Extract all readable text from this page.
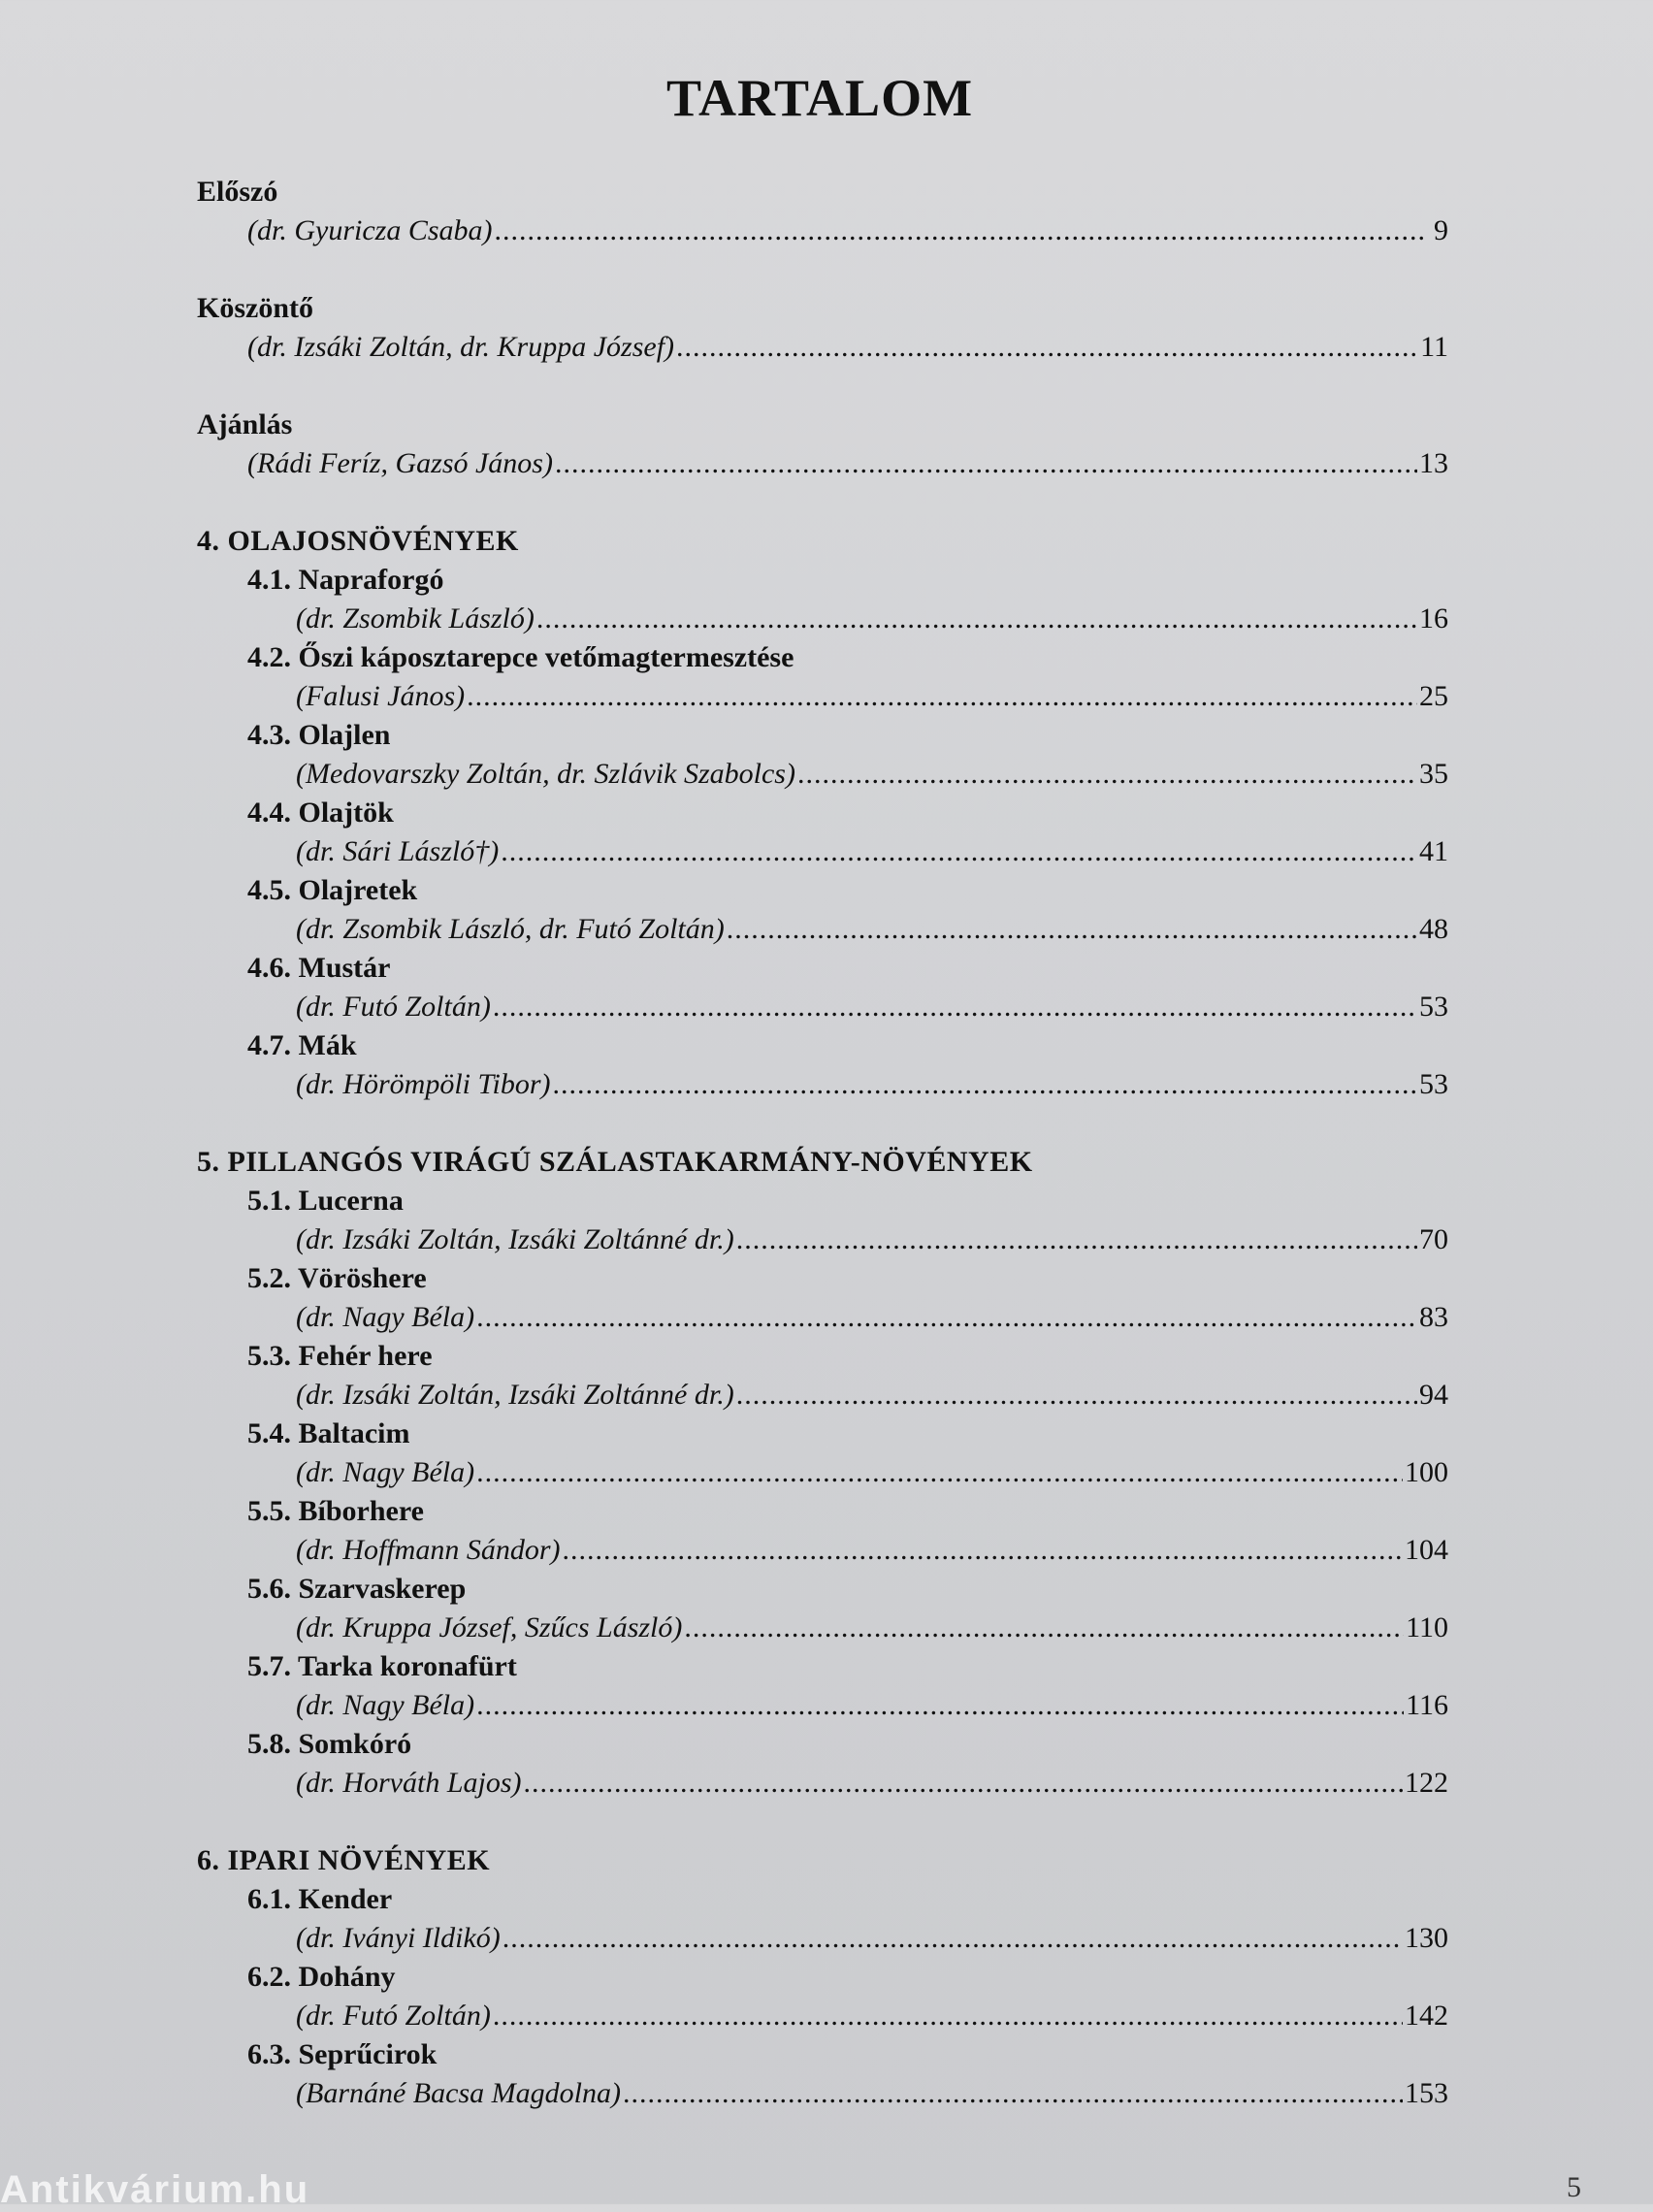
TARTALOM
Előszó
(dr. Gyuricza Csaba) .....	9
Köszöntő
(dr. Izsáki Zoltán, dr. Kruppa József) .....	11
Ajánlás
(Rádi Feríz, Gazsó János) .....	13
4. OLAJOSNÖVÉNYEK
4.1. Napraforgó
(dr. Zsombik László) .....	16
4.2. Őszi káposztarepce vetőmagtermesztése
(Falusi János) .....	25
4.3. Olajlen
(Medovarszky Zoltán, dr. Szlávik Szabolcs) .....	35
4.4. Olajtök
(dr. Sári László†) .....	41
4.5. Olajretek
(dr. Zsombik László, dr. Futó Zoltán) .....	48
4.6. Mustár
(dr. Futó Zoltán) .....	53
4.7. Mák
(dr. Hörömpöli Tibor) .....	53
5. PILLANGÓS VIRÁGÚ SZÁLASTAKARMÁNY-NÖVÉNYEK
5.1. Lucerna
(dr. Izsáki Zoltán, Izsáki Zoltánné dr.) .....	70
5.2. Vöröshere
(dr. Nagy Béla) .....	83
5.3. Fehér here
(dr. Izsáki Zoltán, Izsáki Zoltánné dr.) .....	94
5.4. Baltacim
(dr. Nagy Béla) .....	100
5.5. Bíborhere
(dr. Hoffmann Sándor) .....	104
5.6. Szarvaskerep
(dr. Kruppa József, Szűcs László) .....	110
5.7. Tarka koronafürt
(dr. Nagy Béla) .....	116
5.8. Somkóró
(dr. Horváth Lajos) .....	122
6. IPARI NÖVÉNYEK
6.1. Kender
(dr. Iványi Ildikó) .....	130
6.2. Dohány
(dr. Futó Zoltán) .....	142
6.3. Seprűcirok
(Barnáné Bacsa Magdolna) .....	153
Antikvárium.hu	5
